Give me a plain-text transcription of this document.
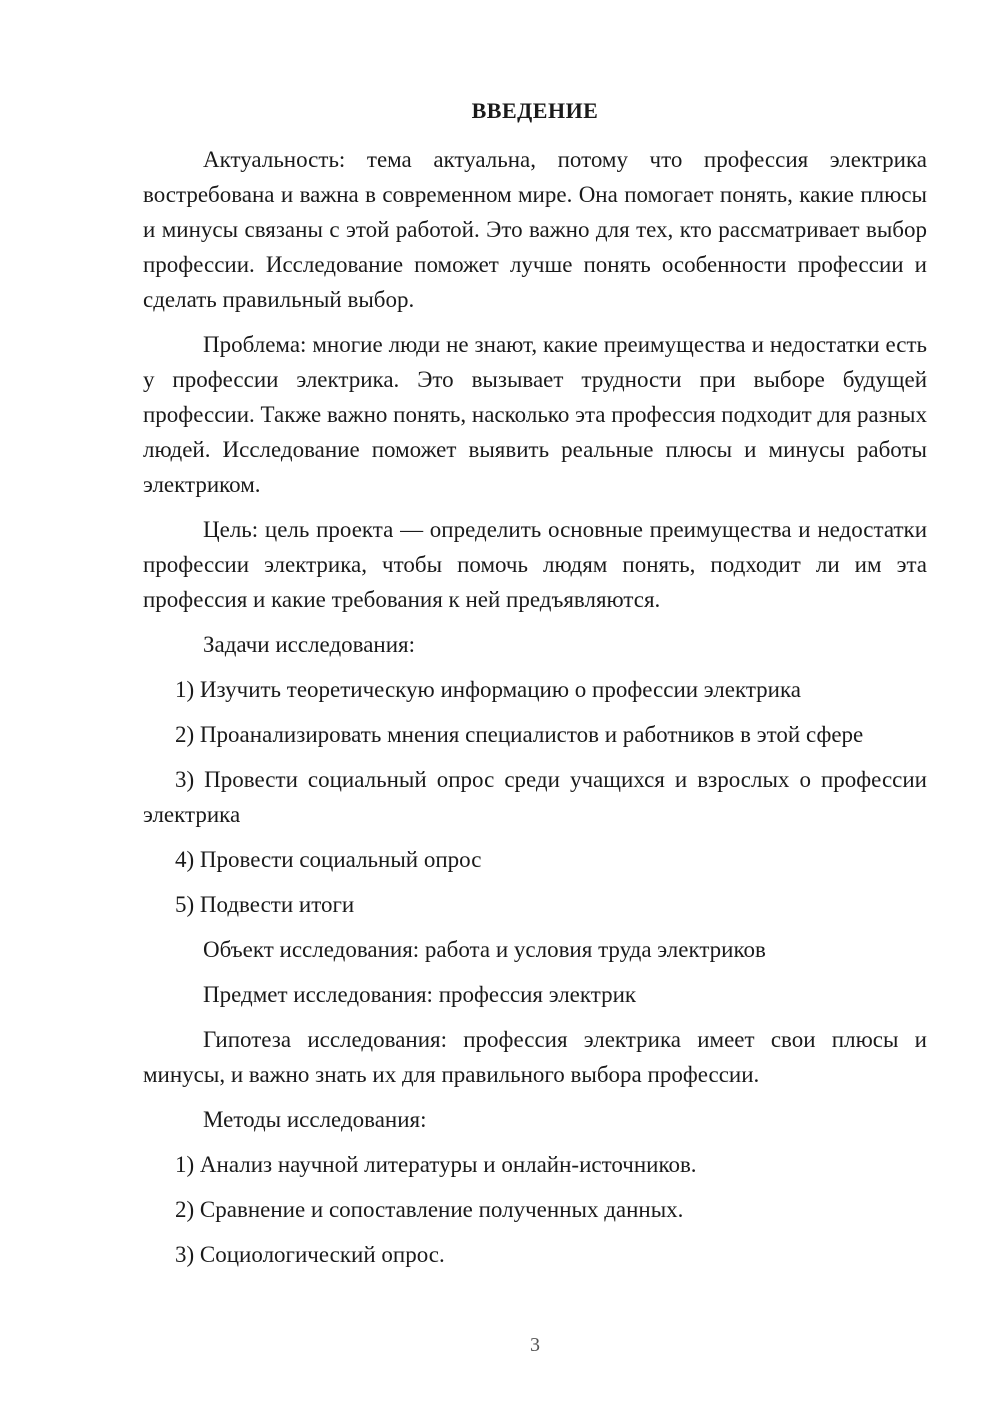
ВВЕДЕНИЕ

Актуальность: тема актуальна, потому что профессия электрика востребована и важна в современном мире. Она помогает понять, какие плюсы и минусы связаны с этой работой. Это важно для тех, кто рассматривает выбор профессии. Исследование поможет лучше понять особенности профессии и сделать правильный выбор.

Проблема: многие люди не знают, какие преимущества и недостатки есть у профессии электрика. Это вызывает трудности при выборе будущей профессии. Также важно понять, насколько эта профессия подходит для разных людей. Исследование поможет выявить реальные плюсы и минусы работы электриком.

Цель: цель проекта — определить основные преимущества и недостатки профессии электрика, чтобы помочь людям понять, подходит ли им эта профессия и какие требования к ней предъявляются.

Задачи исследования:

1) Изучить теоретическую информацию о профессии электрика

2) Проанализировать мнения специалистов и работников в этой сфере

3) Провести социальный опрос среди учащихся и взрослых о профессии электрика

4) Провести социальный опрос

5) Подвести итоги

Объект исследования: работа и условия труда электриков

Предмет исследования: профессия электрик

Гипотеза исследования: профессия электрика имеет свои плюсы и минусы, и важно знать их для правильного выбора профессии.

Методы исследования:

1) Анализ научной литературы и онлайн-источников.

2) Сравнение и сопоставление полученных данных.

3) Социологический опрос.

3
